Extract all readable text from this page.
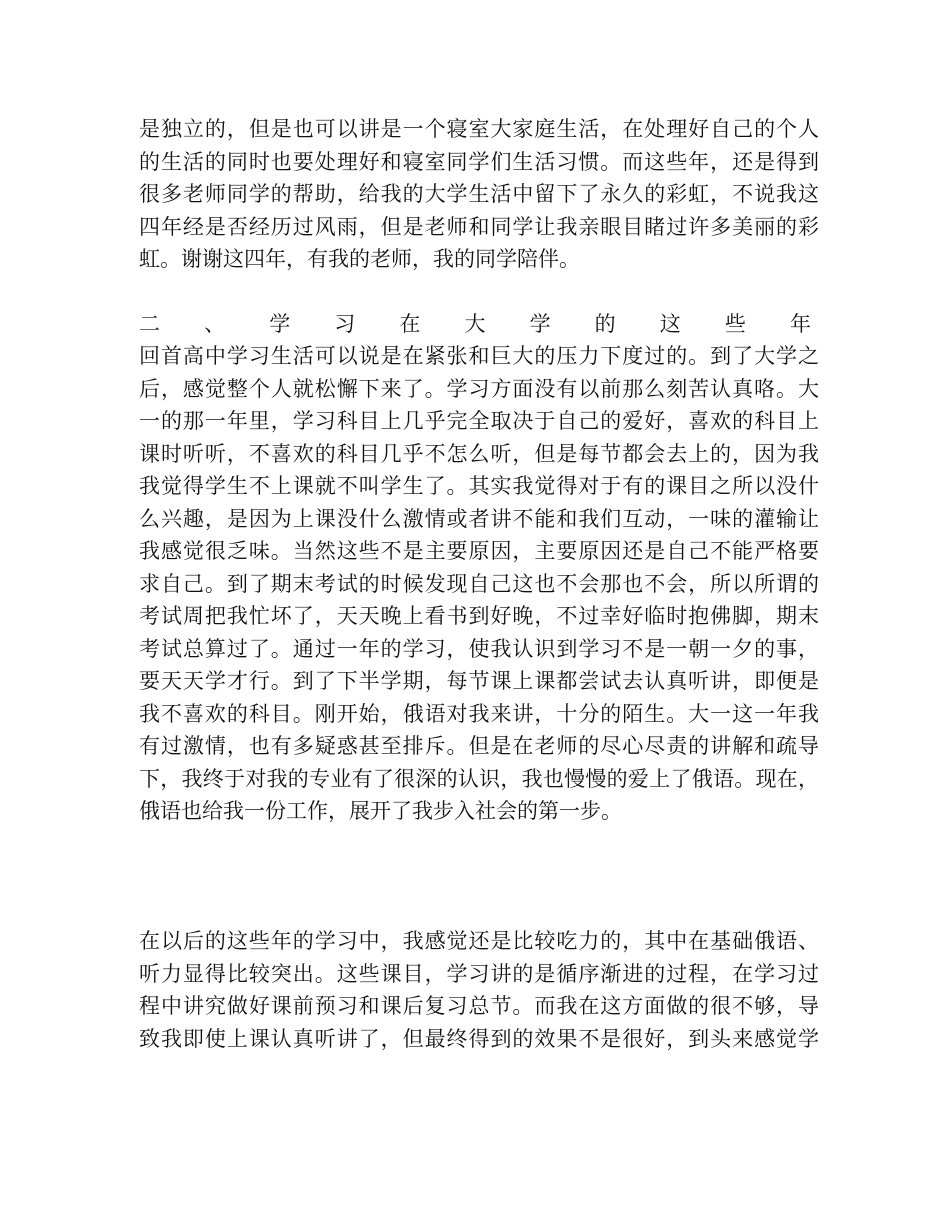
是独立的，但是也可以讲是一个寝室大家庭生活，在处理好自己的个人
的生活的同时也要处理好和寝室同学们生活习惯。而这些年，还是得到
很多老师同学的帮助，给我的大学生活中留下了永久的彩虹，不说我这
四年经是否经历过风雨，但是老师和同学让我亲眼目睹过许多美丽的彩
虹。谢谢这四年，有我的老师，我的同学陪伴。
二 、 学 习 在 大 学 的 这 些 年
回首高中学习生活可以说是在紧张和巨大的压力下度过的。到了大学之
后，感觉整个人就松懈下来了。学习方面没有以前那么刻苦认真咯。大
一的那一年里，学习科目上几乎完全取决于自己的爱好，喜欢的科目上
课时听听，不喜欢的科目几乎不怎么听，但是每节都会去上的，因为我
我觉得学生不上课就不叫学生了。其实我觉得对于有的课目之所以没什
么兴趣，是因为上课没什么激情或者讲不能和我们互动，一味的灌输让
我感觉很乏味。当然这些不是主要原因，主要原因还是自己不能严格要
求自己。到了期末考试的时候发现自己这也不会那也不会，所以所谓的
考试周把我忙坏了，天天晚上看书到好晚，不过幸好临时抱佛脚，期末
考试总算过了。通过一年的学习，使我认识到学习不是一朝一夕的事，
要天天学才行。到了下半学期，每节课上课都尝试去认真听讲，即便是
我不喜欢的科目。刚开始，俄语对我来讲，十分的陌生。大一这一年我
有过激情，也有多疑惑甚至排斥。但是在老师的尽心尽责的讲解和疏导
下，我终于对我的专业有了很深的认识，我也慢慢的爱上了俄语。现在，
俄语也给我一份工作，展开了我步入社会的第一步。
在以后的这些年的学习中，我感觉还是比较吃力的，其中在基础俄语、
听力显得比较突出。这些课目，学习讲的是循序渐进的过程，在学习过
程中讲究做好课前预习和课后复习总节。而我在这方面做的很不够，导
致我即使上课认真听讲了，但最终得到的效果不是很好，到头来感觉学
